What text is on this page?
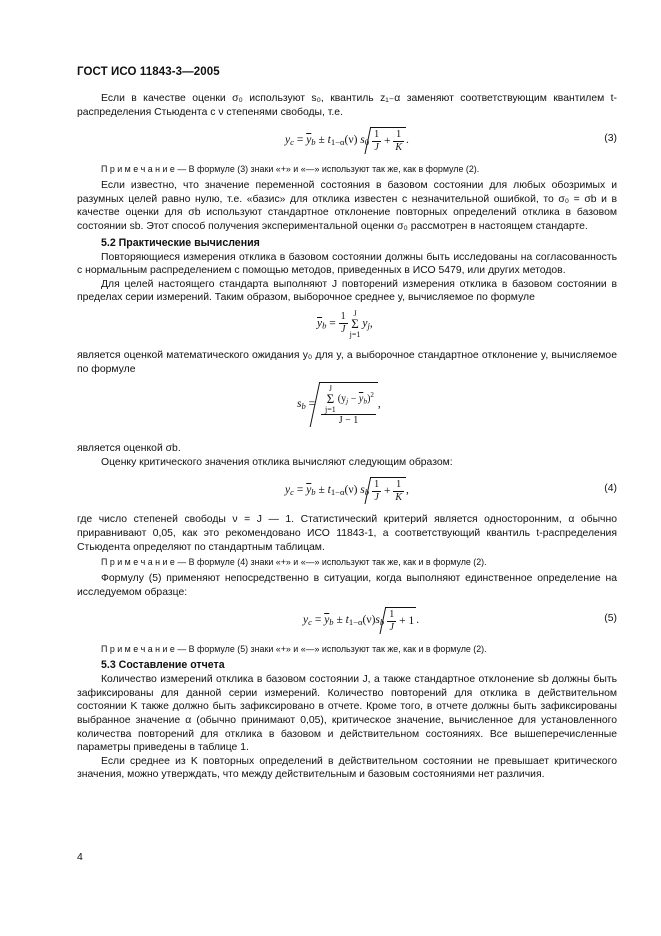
ГОСТ ИСО 11843-3—2005

Если в качестве оценки σ₀ используют s₀, квантиль z₁₋α заменяют соответствующим квантилем t-распределения Стьюдента с ν степенями свободы, т.е.

$y_c = \overline{y}_b \pm t_{1-\alpha}(\nu)$ $s_0 \frac{1}{J} + \frac{1}{K}$ .	(3)

П р и м е ч а н и е — В формуле (3) знаки «+» и «—» используют так же, как в формуле (2).

Если известно, что значение переменной состояния в базовом состоянии для любых обозримых и разумных целей равно нулю, т.е. «базис» для отклика известен с незначительной ошибкой, то σ₀ = σb и в качестве оценки для σb используют стандартное отклонение повторных определений отклика в базовом состоянии sb. Этот способ получения экспериментальной оценки σ₀ рассмотрен в настоящем стандарте.

5.2 Практические вычисления

Повторяющиеся измерения отклика в базовом состоянии должны быть исследованы на согласованность с нормальным распределением с помощью методов, приведенных в ИСО 5479, или других методов.

Для целей настоящего стандарта выполняют J повторений измерения отклика в базовом состоянии в пределах серии измерений. Таким образом, выборочное среднее y, вычисляемое по формуле

$\overline{y}_b = \frac{1}{J}$ J
Σ
$j=1y_j$,

является оценкой математического ожидания y₀ для y, а выборочное стандартное отклонение y, вычисляемое по формуле

$s_b = J$
Σ
$j=1(y_j - \overline{y}_b)^2$
J − 1 ,

является оценкой σb.

Оценку критического значения отклика вычисляют следующим образом:

$y_c = \overline{y}_b \pm t_{1-\alpha}(\nu)$ $s_b \frac{1}{J} + \frac{1}{K}$ ,	(4)

где число степеней свободы ν = J — 1. Статистический критерий является односторонним, α обычно приравнивают 0,05, как это рекомендовано ИСО 11843-1, а соответствующий квантиль t-распределения Стьюдента определяют по стандартным таблицам.

П р и м е ч а н и е — В формуле (4) знаки «+» и «—» используют так же, как и в формуле (2).

Формулу (5) применяют непосредственно в ситуации, когда выполняют единственное определение на исследуемом образце:

$y_c = \overline{y}_b \pm t_{1-\alpha}(\nu)s_b \frac{1}{J} + 1$ .	(5)

П р и м е ч а н и е — В формуле (5) знаки «+» и «—» используют так же, как и в формуле (2).

5.3 Составление отчета

Количество измерений отклика в базовом состоянии J, а также стандартное отклонение sb должны быть зафиксированы для данной серии измерений. Количество повторений для отклика в действительном состоянии K также должно быть зафиксировано в отчете. Кроме того, в отчете должны быть зафиксированы выбранное значение α (обычно принимают 0,05), критическое значение, вычисленное для установленного количества повторений для отклика в базовом и действительном состояниях. Все вышеперечисленные параметры приведены в таблице 1.

Если среднее из K повторных определений в действительном состоянии не превышает критического значения, можно утверждать, что между действительным и базовым состояниями нет различия.

4
